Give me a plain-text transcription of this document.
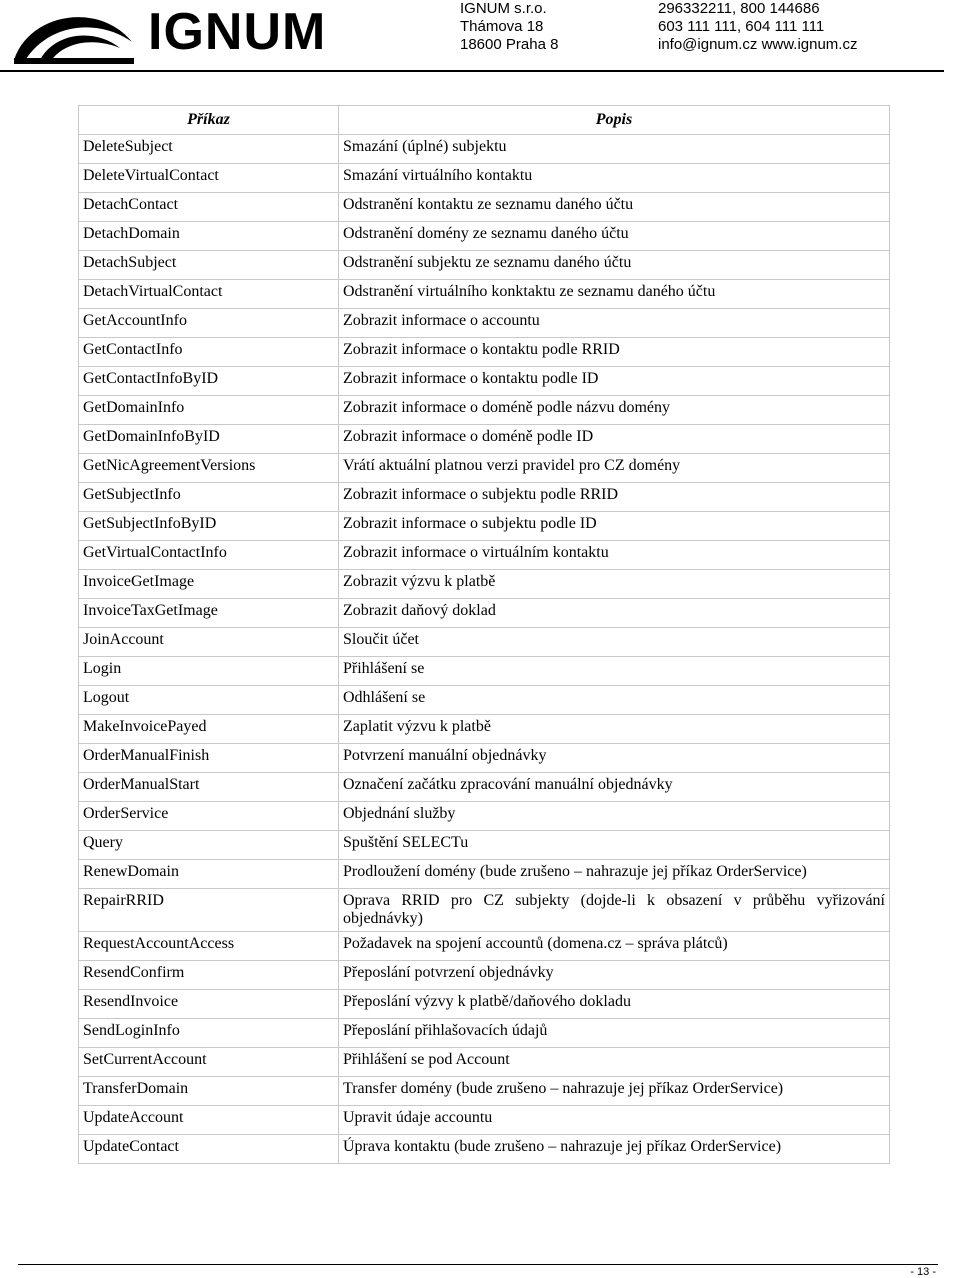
IGNUM	IGNUM s.r.o.
Thámova 18
18600 Praha 8
296332211, 800 144686
603 111 111, 604 111 111
info@ignum.cz www.ignum.cz
Příkaz	Popis
DeleteSubject	Smazání (úplné) subjektu
DeleteVirtualContact	Smazání virtuálního kontaktu
DetachContact	Odstranění kontaktu ze seznamu daného účtu
DetachDomain	Odstranění domény ze seznamu daného účtu
DetachSubject	Odstranění subjektu ze seznamu daného účtu
DetachVirtualContact	Odstranění virtuálního konktaktu ze seznamu daného účtu
GetAccountInfo	Zobrazit informace o accountu
GetContactInfo	Zobrazit informace o kontaktu podle RRID
GetContactInfoByID	Zobrazit informace o kontaktu podle ID
GetDomainInfo	Zobrazit informace o doméně podle názvu domény
GetDomainInfoByID	Zobrazit informace o doméně podle ID
GetNicAgreementVersions	Vrátí aktuální platnou verzi pravidel pro CZ domény
GetSubjectInfo	Zobrazit informace o subjektu podle RRID
GetSubjectInfoByID	Zobrazit informace o subjektu podle ID
GetVirtualContactInfo	Zobrazit informace o virtuálním kontaktu
InvoiceGetImage	Zobrazit výzvu k platbě
InvoiceTaxGetImage	Zobrazit daňový doklad
JoinAccount	Sloučit účet
Login	Přihlášení se
Logout	Odhlášení se
MakeInvoicePayed	Zaplatit výzvu k platbě
OrderManualFinish	Potvrzení manuální objednávky
OrderManualStart	Označení začátku zpracování manuální objednávky
OrderService	Objednání služby
Query	Spuštění SELECTu
RenewDomain	Prodloužení domény (bude zrušeno – nahrazuje jej příkaz OrderService)
RepairRRID	Oprava RRID pro CZ subjekty (dojde-li k obsazení v průběhu vyřizování objednávky)
RequestAccountAccess	Požadavek na spojení accountů (domena.cz – správa plátců)
ResendConfirm	Přeposlání potvrzení objednávky
ResendInvoice	Přeposlání výzvy k platbě/daňového dokladu
SendLoginInfo	Přeposlání přihlašovacích údajů
SetCurrentAccount	Přihlášení se pod Account
TransferDomain	Transfer domény (bude zrušeno – nahrazuje jej příkaz OrderService)
UpdateAccount	Upravit údaje accountu
UpdateContact	Úprava kontaktu (bude zrušeno – nahrazuje jej příkaz OrderService)
- 13 -
